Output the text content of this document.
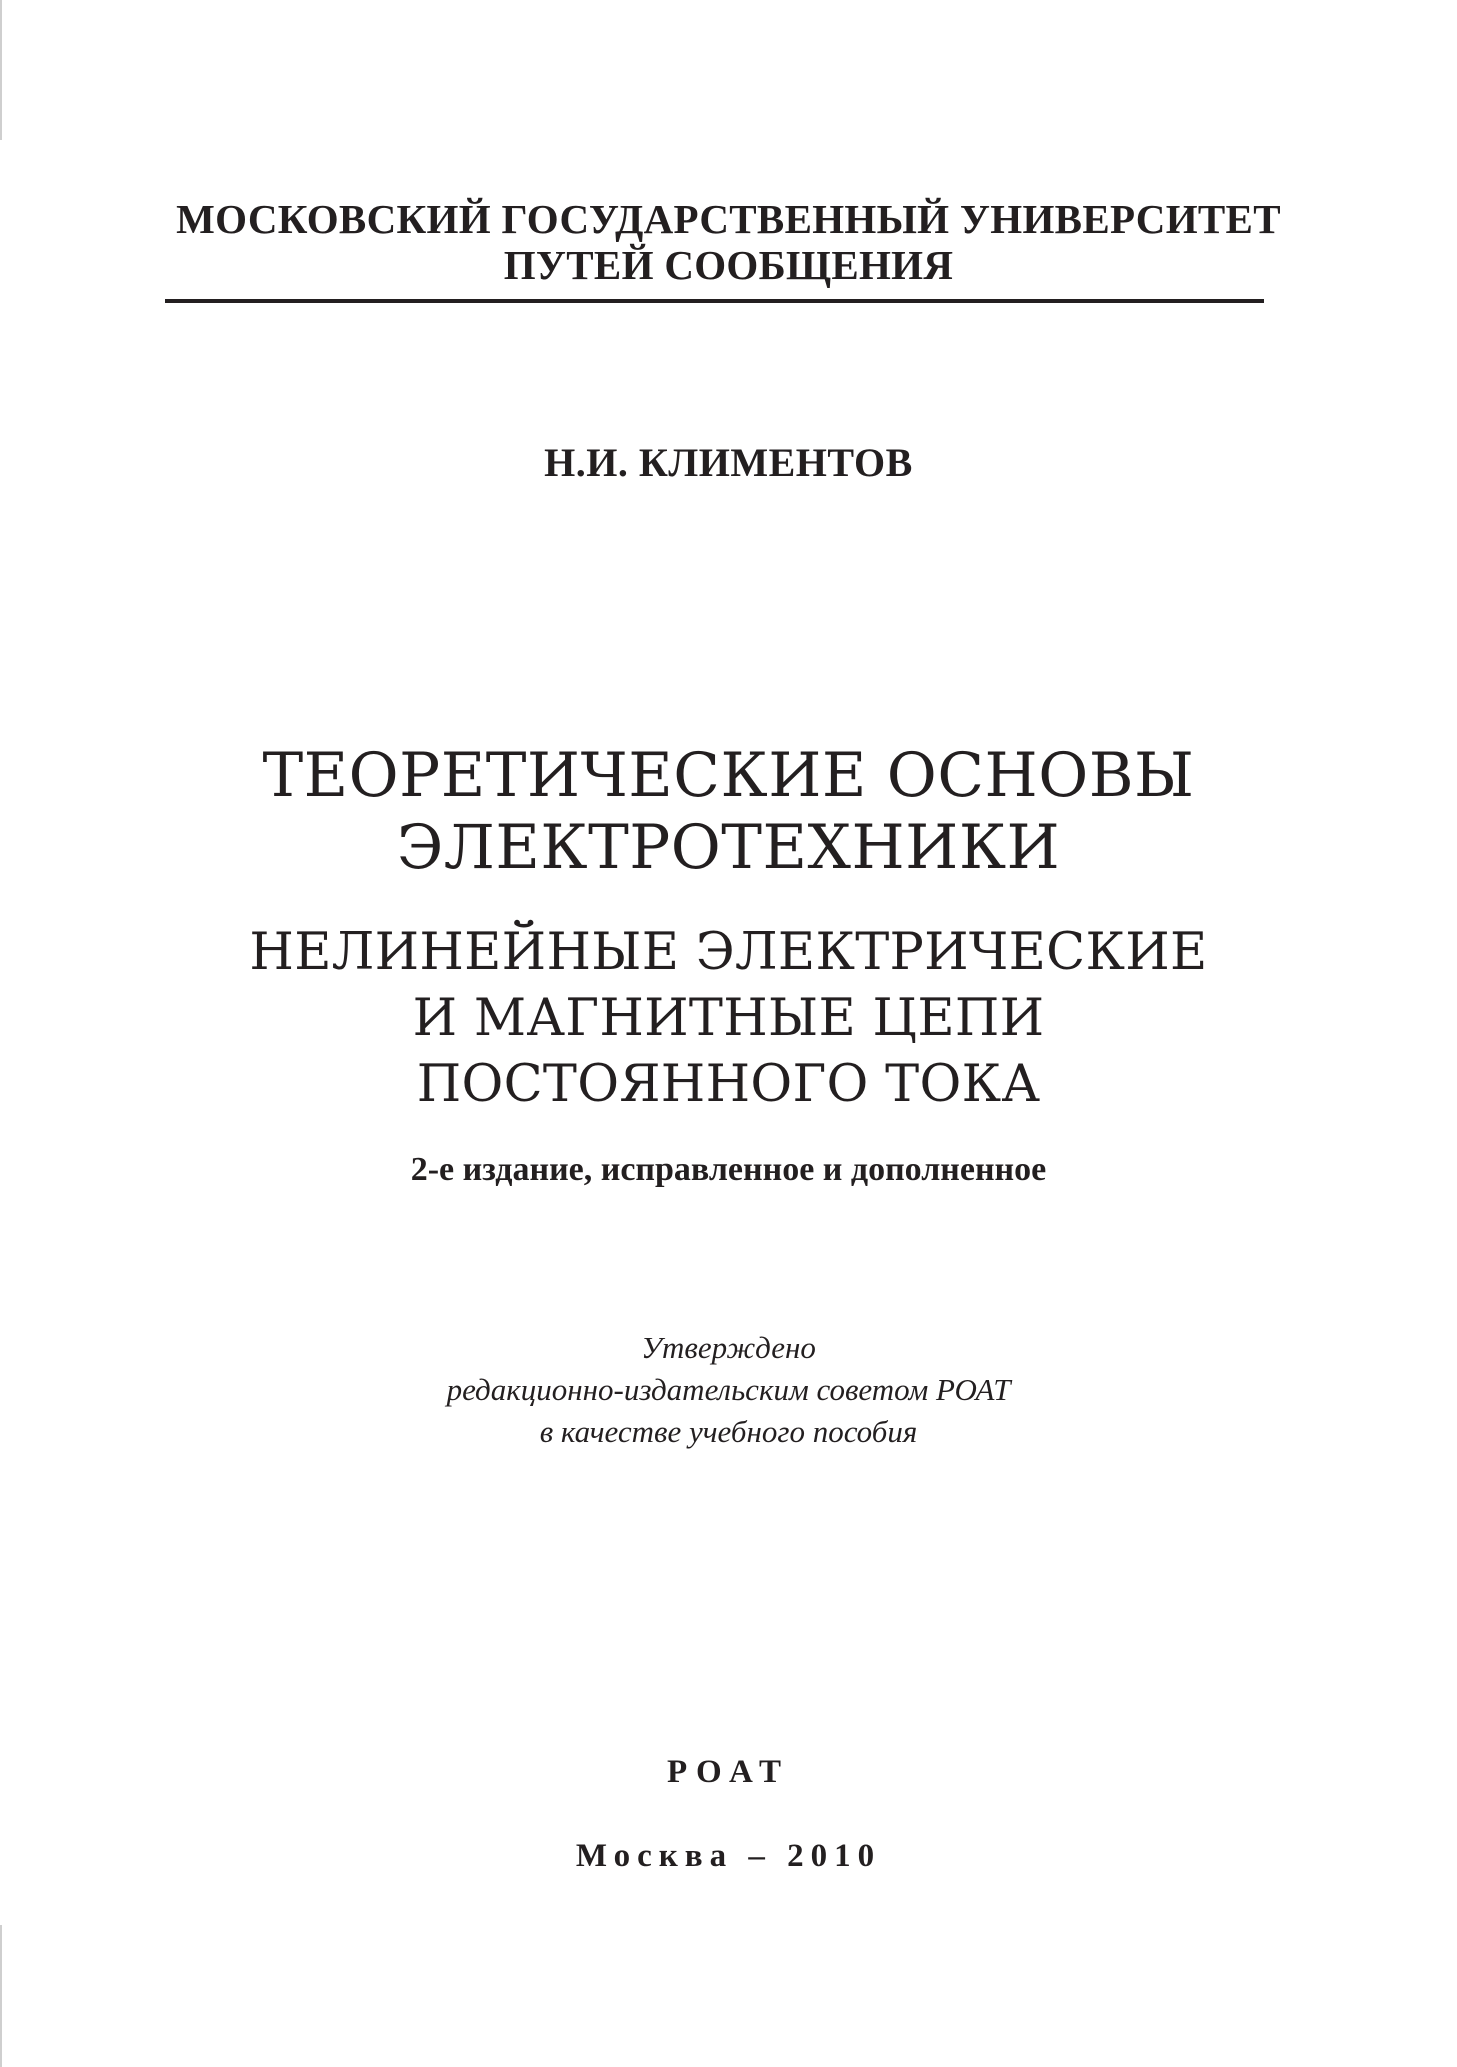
МОСКОВСКИЙ ГОСУДАРСТВЕННЫЙ УНИВЕРСИТЕТ
ПУТЕЙ СООБЩЕНИЯ
Н.И. КЛИМЕНТОВ
ТЕОРЕТИЧЕСКИЕ ОСНОВЫ
ЭЛЕКТРОТЕХНИКИ
НЕЛИНЕЙНЫЕ ЭЛЕКТРИЧЕСКИЕ
И МАГНИТНЫЕ ЦЕПИ
ПОСТОЯННОГО ТОКА
2-е издание, исправленное и дополненное
Утверждено
редакционно-издательским советом РОАТ
в качестве учебного пособия
РОАТ
Москва – 2010
